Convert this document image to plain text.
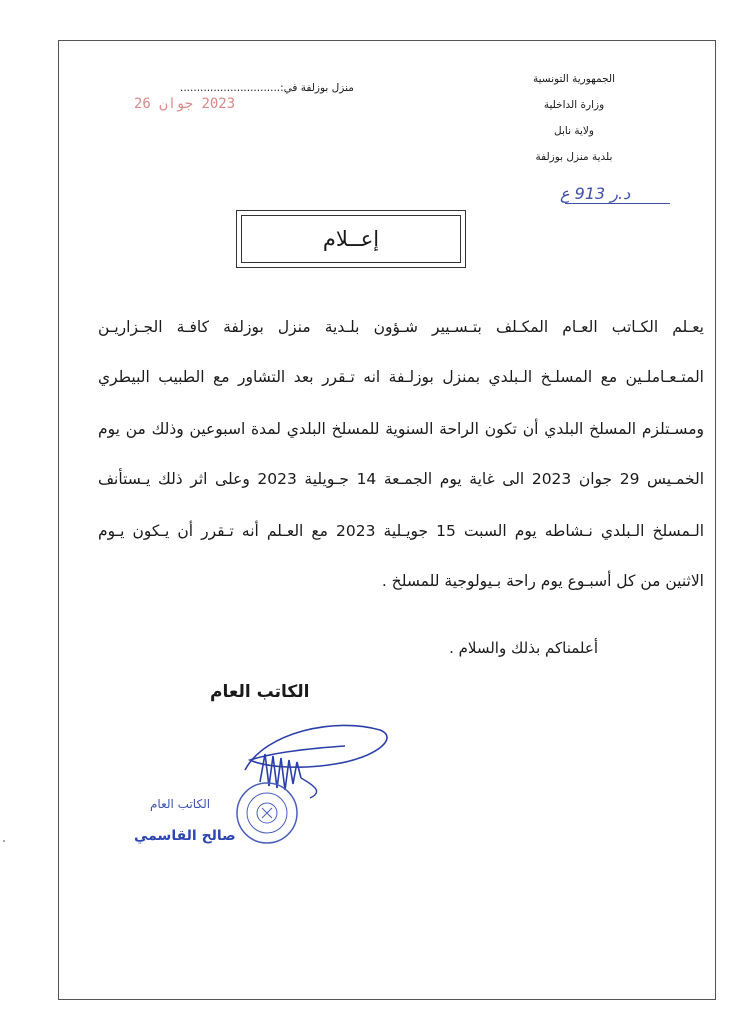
الجمهورية التونسية
وزارة الداخلية
ولاية نابل
بلدية منزل بوزلفة
منزل بوزلفة في:..............................
2023 جوان 26
د.ر 913 ع
إعــلام
يعـلم الكـاتب العـام المكـلف بتـسـيير شـؤون بلـدية منزل بوزلفة كافـة الجـزاريـن
المتـعـاملـين مع المسلـخ الـبلدي بمنزل بوزلـفة انه تـقرر بعد التشاور مع الطبيب البيطري
ومسـتلزم المسلخ البلدي أن تكون الراحة السنوية للمسلخ البلدي لمدة اسبوعين وذلك من يوم
الخمـيس 29 جوان 2023 الى غاية يوم الجمـعة 14 جـويلية 2023 وعلى اثر ذلك يـستأنف
الـمسلخ الـبلدي نـشاطه يوم السبت 15 جويـلية 2023 مع العـلم أنه تـقرر أن يـكون يـوم
الاثنين من كل أسبـوع يوم راحة بـيولوجية للمسلخ .
أعلمناكم بذلك والسلام .
الكاتب العام
الكاتب العام
صالح القاسمي
